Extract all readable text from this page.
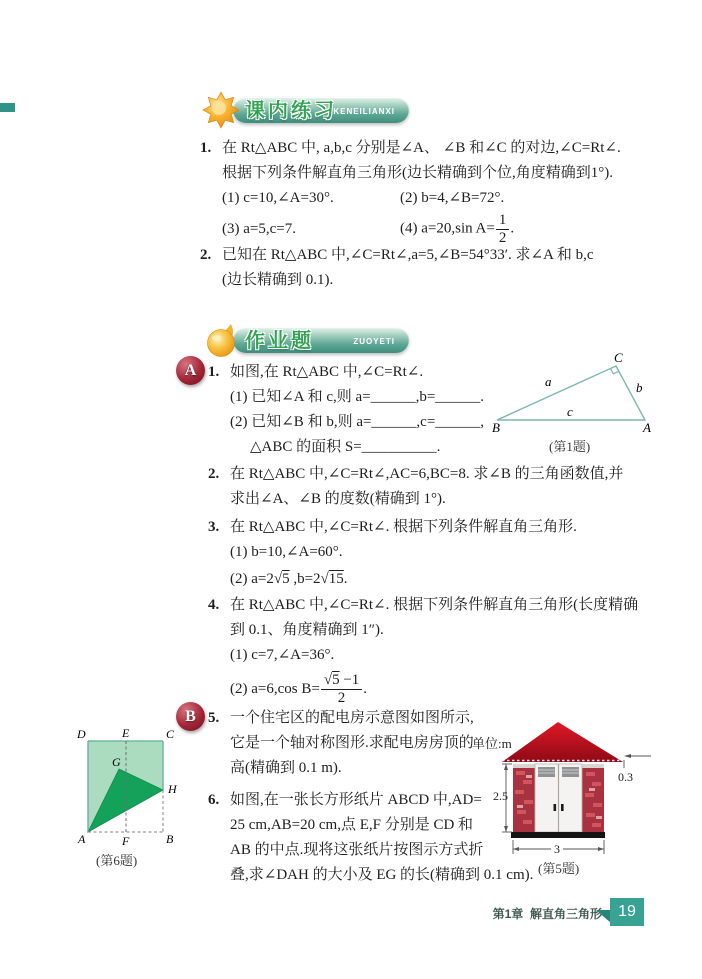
课内练习
KENEILIANXI
1. 在 Rt△ABC 中, a,b,c 分别是∠A、 ∠B 和∠C 的对边,∠C=Rt∠.
根据下列条件解直角三角形(边长精确到个位,角度精确到1°).
(1) c=10,∠A=30°.	(2) b=4,∠B=72°.
(3) a=5,c=7.	(4) a=20,sin $A= \frac{1}{2}$ .
2. 已知在 Rt△ABC 中,∠C=Rt∠,a=5,∠B=54°33′. 求∠A 和 b,c
(边长精确到 0.1).
作业题	ZUOYETI
A 1. 如图,在 Rt△ABC 中,∠C=Rt∠.
(1) 已知∠A 和 c,则 a=______,b=______.
(2) 已知∠B 和 b,则 a=______,c=______,
△ABC 的面积 S=__________.
B	A
C
a	b
c
(第1题)
2. 在 Rt△ABC 中,∠C=Rt∠,AC=6,BC=8. 求∠B 的三角函数值,并
求出∠A、∠B 的度数(精确到 1°).
3. 在 Rt△ABC 中,∠C=Rt∠. 根据下列条件解直角三角形.
(1) b=10,∠A=60°.
(2) a=2√5 ,b=2√15.
4. 在 Rt△ABC 中,∠C=Rt∠. 根据下列条件解直角三角形(长度精确
到 0.1、角度精确到 1″).
(1) c=7,∠A=36°.
(2) a=6,cos $B= \frac{√5 -1}{2}$ .
B 5. 一个住宅区的配电房示意图如图所示,
它是一个轴对称图形.求配电房房顶的
高(精确到 0.1 m).
6. 如图,在一张长方形纸片 ABCD 中,AD=
25 cm,AB=20 cm,点 E,F 分别是 CD 和
AB 的中点.现将这张纸片按图示方式折
叠,求∠DAH 的大小及 EG 的长(精确到 0.1 cm).
D	E	C
G
H
A	F	B
(第6题)
单位:m
2.5
3
0.3
(第5题)
第1章 解直角三角形 19
